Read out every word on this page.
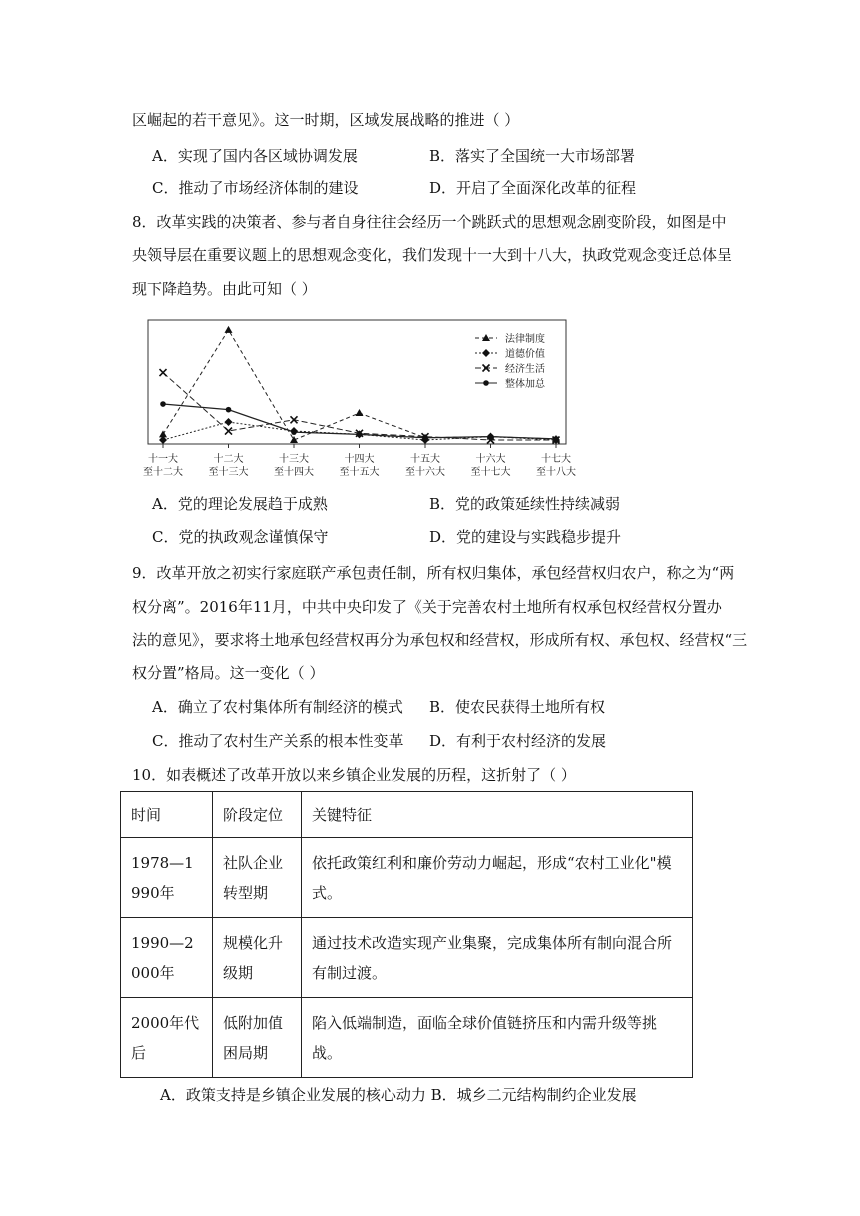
区崛起的若干意见》。这一时期，区域发展战略的推进（ ）
A．实现了国内各区域协调发展	B．落实了全国统一大市场部署
C．推动了市场经济体制的建设	D．开启了全面深化改革的征程
8．改革实践的决策者、参与者自身往往会经历一个跳跃式的思想观念剧变阶段，如图是中
央领导层在重要议题上的思想观念变化，我们发现十一大到十八大，执政党观念变迁总体呈
现下降趋势。由此可知（ ）
法律制度
道德价值
经济生活
整体加总
十一大
至十二大
十二大
至十三大
十三大
至十四大
十四大
至十五大
十五大
至十六大
十六大
至十七大
十七大
至十八大
A．党的理论发展趋于成熟	B．党的政策延续性持续减弱
C．党的执政观念谨慎保守	D．党的建设与实践稳步提升
9．改革开放之初实行家庭联产承包责任制，所有权归集体，承包经营权归农户，称之为“两
权分离”。2016年11月，中共中央印发了《关于完善农村土地所有权承包权经营权分置办
法的意见》，要求将土地承包经营权再分为承包权和经营权，形成所有权、承包权、经营权“三
权分置”格局。这一变化（ ）
A．确立了农村集体所有制经济的模式 B．使农民获得土地所有权
C．推动了农村生产关系的根本性变革 D．有利于农村经济的发展
10．如表概述了改革开放以来乡镇企业发展的历程，这折射了（ ）
时间	阶段定位	关键特征
1978—1990年	社队企业转型期	依托政策红利和廉价劳动力崛起，形成“农村工业化"模式。
1990—2000年	规模化升级期	通过技术改造实现产业集聚，完成集体所有制向混合所有制过渡。
2000年代后	低附加值困局期	陷入低端制造，面临全球价值链挤压和内需升级等挑战。
A．政策支持是乡镇企业发展的核心动力 B．城乡二元结构制约企业发展
